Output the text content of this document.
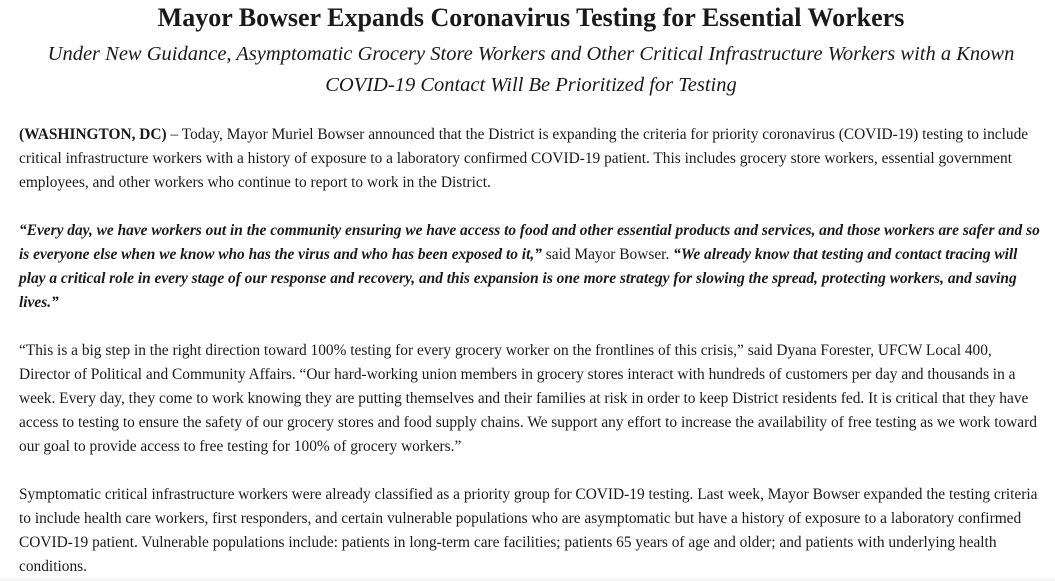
Mayor Bowser Expands Coronavirus Testing for Essential Workers

Under New Guidance, Asymptomatic Grocery Store Workers and Other Critical Infrastructure Workers with a Known COVID-19 Contact Will Be Prioritized for Testing

(WASHINGTON, DC) – Today, Mayor Muriel Bowser announced that the District is expanding the criteria for priority coronavirus (COVID-19) testing to include critical infrastructure workers with a history of exposure to a laboratory confirmed COVID-19 patient. This includes grocery store workers, essential government employees, and other workers who continue to report to work in the District.

“Every day, we have workers out in the community ensuring we have access to food and other essential products and services, and those workers are safer and so is everyone else when we know who has the virus and who has been exposed to it,” said Mayor Bowser. “We already know that testing and contact tracing will play a critical role in every stage of our response and recovery, and this expansion is one more strategy for slowing the spread, protecting workers, and saving lives.”

“This is a big step in the right direction toward 100% testing for every grocery worker on the frontlines of this crisis,” said Dyana Forester, UFCW Local 400, Director of Political and Community Affairs. “Our hard-working union members in grocery stores interact with hundreds of customers per day and thousands in a week. Every day, they come to work knowing they are putting themselves and their families at risk in order to keep District residents fed. It is critical that they have access to testing to ensure the safety of our grocery stores and food supply chains. We support any effort to increase the availability of free testing as we work toward our goal to provide access to free testing for 100% of grocery workers.”

Symptomatic critical infrastructure workers were already classified as a priority group for COVID-19 testing. Last week, Mayor Bowser expanded the testing criteria to include health care workers, first responders, and certain vulnerable populations who are asymptomatic but have a history of exposure to a laboratory confirmed COVID-19 patient. Vulnerable populations include: patients in long-term care facilities; patients 65 years of age and older; and patients with underlying health conditions.
